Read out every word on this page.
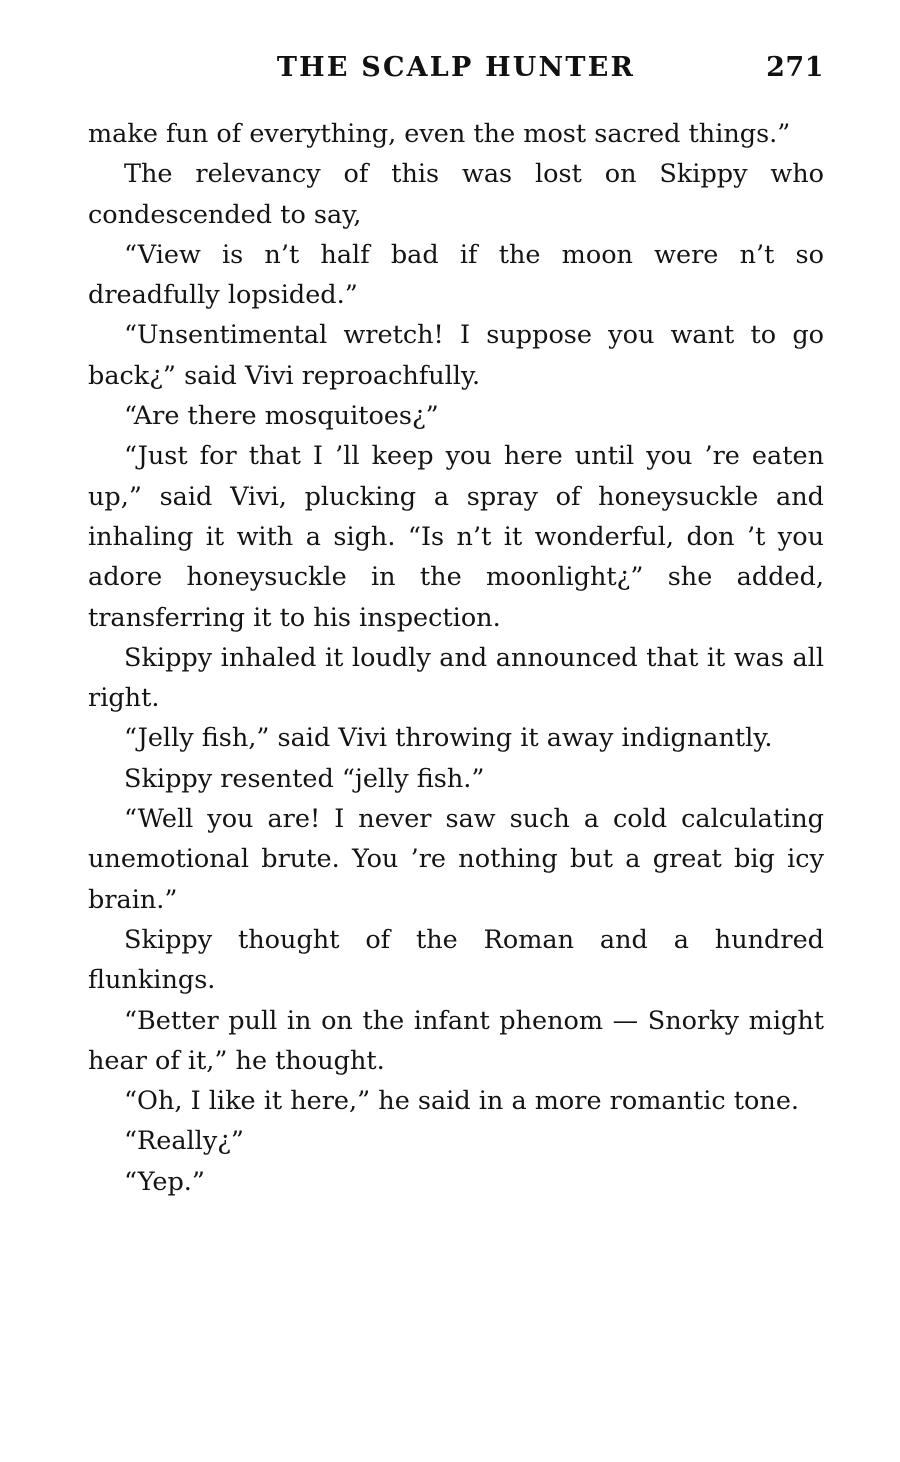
THE SCALP HUNTER	271

make fun of everything, even the most sacred things.”

The relevancy of this was lost on Skippy who condescended to say,

“View is n’t half bad if the moon were n’t so dreadfully lopsided.”

“Unsentimental wretch! I suppose you want to go back¿” said Vivi reproachfully.

“Are there mosquitoes¿”

“Just for that I ’ll keep you here until you ’re eaten up,” said Vivi, plucking a spray of honeysuckle and inhaling it with a sigh. “Is n’t it wonderful, don ’t you adore honeysuckle in the moonlight¿” she added, transferring it to his inspection.

Skippy inhaled it loudly and announced that it was all right.

“Jelly fish,” said Vivi throwing it away indignantly.

Skippy resented “jelly fish.”

“Well you are! I never saw such a cold calculating unemotional brute. You ’re nothing but a great big icy brain.”

Skippy thought of the Roman and a hundred flunkings.

“Better pull in on the infant phenom — Snorky might hear of it,” he thought.

“Oh, I like it here,” he said in a more romantic tone.

“Really¿”

“Yep.”
